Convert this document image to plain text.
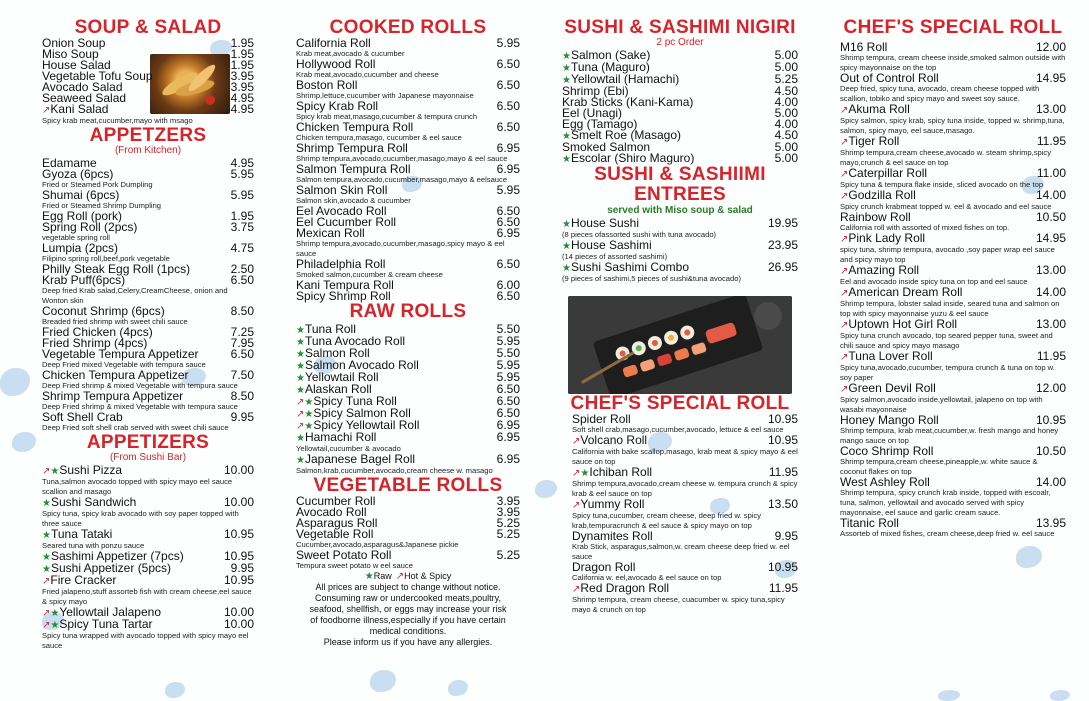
SOUP & SALAD
Onion Soup	1.95
Miso Soup	1.95
House Salad	1.95
Vegetable Tofu Soup	3.95
Avocado Salad	3.95
Seaweed Salad	4.95
↗Kani Salad	4.95
Spicy krab meat,cucumber,mayo with msago
APPETZERS
(From Kitchen)
Edamame	4.95
Gyoza (6pcs)	5.95
Fried or Steamed Pork Dumpling
Shumai (6pcs)	5.95
Fried or Steamed Shrimp Dumpling
Egg Roll (pork)	1.95
Spring Roll (2pcs)	3.75
vegetable spring roll
Lumpia (2pcs)	4.75
Filipino spring roll,beef,pork vegetable
Philly Steak Egg Roll (1pcs)	2.50
Krab Puff(6pcs)	6.50
Deep fried Krab salad,Celery,CreamCheese, onion and Wonton skin
Coconut Shrimp (6pcs)	8.50
Breaded fried shrimp with sweet chili sauce
Fried Chicken (4pcs)	7.25
Fried Shrimp (4pcs)	7.95
Vegetable Tempura Appetizer	6.50
Deep Fried mixed Vegetable with tempura sauce
Chicken Tempura Appetizer	7.50
Deep Fried shrimp & mixed Vegetable with tempura sauce
Shrimp Tempura Appetizer	8.50
Deep Fried shrimp & mixed Vegetable with tempura sauce
Soft Shell Crab	9.95
Deep Fried soft shell crab served with sweet chili sauce
APPETIZERS
(From Sushi Bar)
↗★Sushi Pizza	10.00
Tuna,salmon avocado topped with spicy mayo eel sauce scallion and masago
★Sushi Sandwich	10.00
Spicy tuna, spicy krab avocado with soy paper topped with three sauce
★Tuna Tataki	10.95
Seared tuna with ponzu sauce
★Sashimi Appetizer (7pcs)	10.95
★Sushi Appetizer (5pcs)	9.95
↗Fire Cracker	10.95
Fried jalapeno,stuff assorteb fish with cream cheese,eel sauce & spicy mayo
↗★Yellowtail Jalapeno	10.00
↗★Spicy Tuna Tartar	10.00
Spicy tuna wrapped with avocado topped with spicy mayo eel sauce
COOKED ROLLS
California Roll	5.95
Krab meat,avocado & cucumber
Hollywood Roll	6.50
Krab meat,avocado,cucumber and cheese
Boston Roll	6.50
Shrimp,lettuce,cucumber with Japanese mayonnaise
Spicy Krab Roll	6.50
Spicy krab meat,masago,cucumber & tempura crunch
Chicken Tempura Roll	6.50
Chicken tempura,masago, cucumber & eel sauce
Shrimp Tempura Roll	6.95
Shrimp tempura,avocado,cucumber,masago,mayo & eel sauce
Salmon Tempura Roll	6.95
Salmon tempura,avocado,cucumber,masago,mayo & eelsauce
Salmon Skin Roll	5.95
Salmon skin,avocado & cucumber
Eel Avocado Roll	6.50
Eel Cucumber Roll	6.50
Mexican Roll	6.95
Shrimp tempura,avocado,cucumber,masago,spicy mayo & eel sauce
Philadelphia Roll	6.50
Smoked salmon,cucumber & cream cheese
Kani Tempura Roll	6.00
Spicy Shrimp Roll	6.50
RAW ROLLS
★Tuna Roll	5.50
★Tuna Avocado Roll	5.95
★Salmon Roll	5.50
★Salmon Avocado Roll	5.95
★Yellowtail Roll	5.95
★Alaskan Roll	6.50
↗★Spicy Tuna Roll	6.50
↗★Spicy Salmon Roll	6.50
↗★Spicy Yellowtail Roll	6.95
★Hamachi Roll	6.95
Yellowtail,cucumber & avocado
★Japanese Bagel Roll	6.95
Salmon,krab,cucumber,avocado,cream cheese w. masago
VEGETABLE ROLLS
Cucumber Roll	3.95
Avocado Roll	3.95
Asparagus Roll	5.25
Vegetable Roll	5.25
Cucumber,avocado,asparagus&Japanese pickie
Sweet Potato Roll	5.25
Tempura sweet potato w eel sauce
★Raw ↗Hot & Spicy
All prices are subject to change without notice.
Consuming raw or undercooked meats,poultry,
seafood, shellfish, or eggs may increase your risk
of foodborne illness,especially if you have certain
medical conditions.
Please inform us if you have any allergies.
SUSHI & SASHIMI NIGIRI
2 pc Order
★Salmon (Sake)	5.00
★Tuna (Maguro)	5.00
★Yellowtail (Hamachi)	5.25
Shrimp (Ebi)	4.50
Krab Sticks (Kani-Kama)	4.00
Eel (Unagi)	5.00
Egg (Tamago)	4.00
★Smelt Roe (Masago)	4.50
Smoked Salmon	5.00
★Escolar (Shiro Maguro)	5.00
SUSHI & SASHIIMI ENTREES
served with Miso soup & salad
★House Sushi	19.95
(8 pieces ofassorted sushi with tuna avocado)
★House Sashimi	23.95
(14 pieces of assorted sashimi)
★Sushi Sashimi Combo	26.95
(9 pieces of sashimi,5 pieces of sushi&tuna avocado)
CHEF'S SPECIAL ROLL
Spider Roll	10.95
Soft shell crab,masago,cucumber,avocado, lettuce & eel sauce
↗Volcano Roll	10.95
California with bake scallop,masago, krab meat & spicy mayo & eel sauce on top
↗★Ichiban Roll	11.95
Shrimp tempura,avocado,cream cheese w. tempura crunch & spicy krab & eel sauce on top
↗Yummy Roll	13.50
Spicy tuna,cucumber, cream cheese, deep fried w. spicy krab,tempuracrunch & eel sauce & spicy mayo on top
Dynamites Roll	9.95
Krab Stick, asparagus,salmon,w. cream cheese deep fried w. eel sauce
Dragon Roll	10.95
California w. eel,avocado & eel sauce on top
↗Red Dragon Roll	11.95
Shrimp tempura, cream cheese, cuacumber w. spicy tuna,spicy mayo & crunch on top
CHEF'S SPECIAL ROLL
M16 Roll	12.00
Shrimp tempura, cream cheese inside,smoked salmon outside with spicy mayonnaise on the top
Out of Control Roll	14.95
Deep fried, spicy tuna, avocado, cream cheese topped with scallion, tobiko and spicy mayo and sweet soy sauce.
↗Akuma Roll	13.00
Spicy salmon, spicy krab, spicy tuna inside, topped w. shrimp,tuna, salmon, spicy mayo, eel sauce,masago.
↗Tiger Roll	11.95
Shrimp tempura,cream cheese,avocado w. steam shrimp,spicy mayo,crunch & eel sauce on top
↗Caterpillar Roll	11.00
Spicy tuna & tempura flake inside, sliced avocado on the top
↗Godzilla Roll	14.00
Spicy crunch krabmeat topped w. eel & avocado and eel sauce
Rainbow Roll	10.50
California roll with assorted of mixed fishes on top.
↗Pink Lady Roll	14.95
spicy tuna, shrimp tempura, avocado ,soy paper wrap eel sauce and spicy mayo top
↗Amazing Roll	13.00
Eel and avocado inside spicy tuna on top and eel sauce
↗American Dream Roll	14.00
Shrimp tempura, lobster salad inside, seared tuna and salmon on top with spicy mayonnaise yuzu & eel sauce
↗Uptown Hot Girl Roll	13.00
Spicy tuna crunch avocado, top seared pepper tuna, sweet and chili sauce and spicy mayo masago
↗Tuna Lover Roll	11.95
Spicy tuna,avocado,cucumber, tempura crunch & tuna on top w. soy paper
↗Green Devil Roll	12.00
Spicy salmon,avocado inside,yellowtail, jalapeno on top with wasabi mayonnaise
Honey Mango Roll	10.95
Shrimp tempura, krab meat,cucumber,w. fresh mango and honey mango sauce on top
Coco Shrimp Roll	10.50
Shrimp tempura,cream cheese,pineapple,w. white sauce & coconut flakes on top
West Ashley Roll	14.00
Shrimp tempura, spicy crunch krab inside, topped with escoalr, tuna, salmon, yellowtail and avocado served with spicy mayonnaise, eel sauce and garlic cream sauce.
Titanic Roll	13.95
Assorteb of mixed fishes, cream cheese,deep fried w. eel sauce
